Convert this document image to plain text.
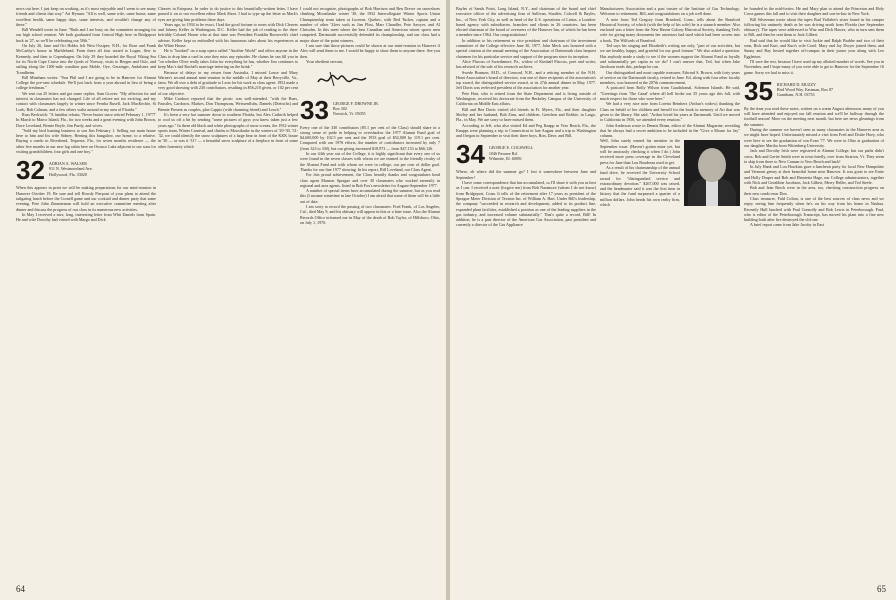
news out here. I just keep on working, as it's most enjoyable and I seem to see many friends and clients that way." Art Hyman: "All is well, same wife, same house, same excellent health, same happy days, same interests, and wouldn't change any of these."

Bill Wendell wrote in June: "Ruth and I are busy on the committee arranging for our high school reunion. We both graduated from Central High here in Bridgeport back in '27, so we'll be celebrating our 50th."

On July 26, Jane and Ort Hobbs left West Ossipee, N.H., for Rose and Frank McCarthy's house in Marblehead. From there all four taxied to Logan, flew to Kennedy, and then to Copenhagen. On July 29 they boarded the Royal Viking Sea for its North Cape Cruise into the fjords of Norway, visits to Bergen and Oslo, and sailing along the 1100-mile coastline past Molde, Oye, Gerainger, Andalsnes and Trondheim.

Bill Mineham writes: "Son Phil and I are going to be in Hanover for Alumni College the pre-sent schedule. We'll just back from a year abroad in lieu of being a college freshman."

We sent out 25 letters and got some replies. Sam Groves: "My affection for and interest in classmates has not changed. Life of all retiree not too exciting, and my contact with classmates largely in winter since Fernha Rusell, Jack MacKechie, Si Loeb, Bob Colman, and a few others waltz around in my area of Florida."

Russ Beckwith: "A familiar refrain, 'Never busier since retired February 1, 1977!' In March to Marco Island, Fla., for two weeks and a great evening with John Brown, Dave Loveland, Bernie Boyle, Jim Purdy, and wives.

"Sold my bird hunting business to son Jim February 1. Selling our main house here to him and his wife Sidney. Renting this bungalow, our home, to a relative. Buying a condo in Riverbend, Tequesta, Fla., for seven months residence — the other five months in our new log cabin here on Owasco Lake adjacent to our sons for visiting grandchildren, four girls and one boy."

32 ADRIAN A. WALSER
911 N. Westmoreland Ave.
Hollywood, Fla. 33020

When this appears in print we will be making preparations for our mini-reunion in Hanover October 19. Be sure and tell Howdy Pierpont of your plans to attend the tailgating lunch before the Cornell game and our cocktail and dinner party that same evening. Pete John Zimmerman will hold an executive committee meeting after dinner and discuss the progress of our class in its numerous new activities.

In May I received a nice, long, interesting letter from Whit Daniels from Spain. He and wife Dorothy had visited with Margo and Dick

Cleaves in Estepona. In order to do justice to this beautifully-written letter, I have passed it on to our excellent editor Mark Short. I had to type up the letter as Mark's eyes are giving him problems these days.

Years ago, in 1934 to be exact, I had the good fortune to room with Dick Cleaves and Johnny Keller in Washington, D.C. Keller had the job of reading to the then-befriddy Colonel House who at that time was President Franklin Roosevelt's chief adviser. Keller kept us enthralled with his humorous tales about his experiences at the White House.

He is "booked" on a soap opera called "Another World" and offers anyone in the Class to drop him a card in case they miss any episodes. He claims he can fill you in "on whether Olive really takes John for everything he has, whether Jim continues to keep Mac's dad Rachel's marriage teetering on the brink."

Because of delays in my return from Australia, I missed Louse and Mary Warner's second annual mini-reunion in the middle of May at their Berryville, Va., farm. We all owe a debt of gratitude to Leon for his work as class agent: 1952 made a very good showing with 230 contributors, resulting in $56,210 given, or 102 per cent of our objective.

Mike Cardozo reported that the picnic was well-attended, "with the Rues, Faustles, Cardozos, Markes, Don Thompsons, Weissenfluhs, Daniels (Dietrichs) and Bennie Present as couples, plus Cappio (with charming friend) and Leach."

It's been a very hot summer down in southern Florida, but Alex Cutbirth helped to cool us off a bit by sending "some pictures of guys you knew taken just a few years ago." In them old black and white photographs of snow scenes, the 1932 winter sports team, Winter Carnival, and climbs to Moosilauke in the winters of '29-'30, '31-'32, we could identify the snow sculptures of a large bear in front of the KKK house in '30 — or was it '31? — a beautiful snow sculpture of a fireplace in front of some other fraternity which

I could not recognize, photographs of Bob Harrison and Ben Drewe on snowshoes climbing Moosilauke winter '30, the 1932 Intercollegiate Winter Sports Union Championship team taken at Lucerne, Quebec, with Red Tucker, captain and a number of other '32ers such as Jim Flint, Marr Chandler, Pete Sawyer, and Al Chrisolm. In this meet where the best Canadian and American winter sports men competed, Dartmouth successfully defended its championship, and our class had a major share of the point winners.

I am sure that those pictures could be shown at our mini-reunion in Hanover if Alex will send them to me. I would be happy to show them to anyone there. See you then.

Your obedient servant,

33 GEORGE F. DROWNE JR.
Box 302
Norwich, Vt. 05055

Every one of the 330 contributors (85.1 per cent of the Class) should share in a strong sense of pride in helping to overshadow the 1977 Alumni Fund goal of $4,600,000 by 102.5 per cent and the 1933 goal of $52,000 by 119.1 per cent. Compared with our 1976 efforts, the number of contributors increased by only 7 (from 323 to 330), but our giving increased $18,973 — from $47,153 to $66,126.

In our 44th year out of the College, it is highly significant that every one of us were found in the seven classes with whom we are teamed in the friendly rivalry of the Alumni Fund and with whom we were in college, our per cent of dollar goal. Thanks for our fine 1977 showing. In his report, Bill Loveland, our Class Agent.

For this proud achievement, the Class heartily thanks and congratulates head class agent Manson Sprague and over 30 classmates who worked earnestly in regional and area agents, listed in Bob Fox's newsletter for August-September 1977.

A number of special items have accumulated during the summer, but as you read this (I assume sometime in late October) I am afraid that some of them will be a little out of date.

I am sorry to record the passing of two classmates: Fred Frank, of Los Angeles, Cal., died May 9, and his obituary will appear in this or a later issue. Also the Alumni Records Office informed me in May of the death of Bob Taylor, of Hillsboro, Ohio, on July 1, 1976.

64

Bayles of Sands Point, Long Island, N.Y., and chairman of the board and chief executive officer of the advertising firm of Sullivan, Stauffer, Colwell & Bayles, Inc., of New York City, as well as head of the U.S. operations of Lintas, a London-based agency with subsidiaries, branches and clients in 26 countries, has been elected chairman of the board of overseers of the Hanover Inn, of which he has been a member since 1964. Our congratulations!

In addition to his retirement as vice president and chairman of the investment committee of the College effective June 30, 1977, John Meck was honored with a special citation at the annual meeting of the Association of Dartmouth class bequest chairmen for his particular service and support of the program since its inception.

Alice Flaccus of Swarthmore, Pa., widow of Kimball Flaccus, poet and writer, has advised of the sale of his research archives.

Swede Branson, M.D., of Concord, N.H., and a retiring member of the N.H. Heart Association's board of directors, was one of three recipients of the association's top award, the distinguished service award, at its 27th annual dinner in May, 1977. Jeff Davis was reelected president of the association for another year.

Pete Hart, who is retired from the State Department and is living outside of Washington, received his doctorate from the Berkeley Campus of the University of California on Middle East affairs.

Bill and Bea Davis visited old friends in Ft. Myers, Fla., and their daughter Shirley and her husband, Bob Zinn, and children, Gretchen and Robbie, in Largo, Fla., in May. We are sorry to have missed them.

According to Jeff, who also visited Ed and Peg Knapp in Vero Beach, Fla., the Knapps were planning a trip to Connecticut in late August and a trip to Washington and Oregon in September to visit their three boys, Ron, Dave, and Bill.

34 GEORGE E. COGSWELL
1046 Pawnee Rd.
Wilmette, Ill. 60091

Where, oh where did the summer go? I lost it somewhere between June and September!

I have some correspondence that has accumulated, so I'll share it with you as best as I can. I received a note (forgive me) from Bob Naramore (whom I do not know) from Bridgeport, Conn. It tells of the retirement after 17 years as president of the Sprague Meter Division of Textron Inc. of William A. Hart. Under Bill's leadership, the company "succeeded in research and development, added to its product line, expanded plant facilities, established a position as one of the leading suppliers in the gas industry, and increased volume substantially." That's quite a record, Bill! In addition, he is a past director of the American Gas Association, past president and currently a director of the Gas Appliance

Manufacturers Association and a past trustee of the Institute of Gas Technology. Welcome to retirement, Bill, and congratulations on a job well done.

A note from Ted Gregory from Branford, Conn., tells about the Branford Historical Society, of which (with the help of his wife) he is a staunch member. Also enclosed was a letter from the New Haven Colony Historical Society, thanking Ted's wife for giving many documents her ancestors had used which had been woven into a book, The Wilfords of Branford.

Ted says his singing and Elizabeth's writing are only, "part of our activities, but we are healthy, happy, and grateful for our good fortune." We also asked a question: Has anybody made a study to see if the women support the Alumni Fund as loyally and substantially per capita as we do? I can't answer that, Ted, but when Jake Jacobson reads this, perhaps he can.

Our distinguished and most capable treasurer, Edward S. Brown, with forty years of service on the Dartmouth faculty, retired in June. Ed, along with four other faculty members, was honored at the 207th commencement.

A postcard from Rolly Wilson from Guadalcanal, Solomon Islands. He said, "Greetings from 'The Canal' where all hell broke out 35 years ago this fall, with much respect for those who were here."

We had a very nice note from Loretta Reinherz (Arthur's widow) thanking the Class on behalf of her children and herself for the book in memory of Art that was given to the library. She said, "Arthur loved his years at Dartmouth. Until we moved to California in 1956, we attended every reunion."

John Anderson wrote to Dennis Dinan, editor of the Alumni Magazine, revealing that he always had a secret ambition to be included in the "Give a Mouse for Jay" column.

Well, John surely earned his mention in the September issue. (Haven't gotten mine yet, but will be anxiously checking it when I do.) John received more press coverage in the Cleveland press for Jane than Lou Boudreau used to get.

As a result of his chairmanship of the annual fund drive, he received the University School award for "distinguished service and extraordinary devotion." $267,000 was raised, and the headmaster said it was the first time in history that the fund surpassed a quarter of a million dollars. John heads his own realty firm, which

he founded in the mid-forties. He and Mary plan to attend the Princeton and Holy Cross games this fall and to visit their daughter and son-in-law in New York.

Bill Silverman wrote about the tapes Bud Yaffalee's sister found in his camper following his untimely death as he was driving north from Florida (see September obituary). The tapes were addressed to Wuz and Dick Hawes, who in turn sent them to Bill, and then he sent them to Jack Gilbert.

Bud said that he would like to visit Jackie and Ralph Brabbe and two of their sons, Rick and Kurt, and Kurt's wife Carol. Mary and Joy Dwyer joined them, and Sunny and Ray hosted together off-campus in their junior year along with Leo Eggleston.

I'll save the rest, because I have used up my allotted number of words. See you in November, and I hope many of you were able to get to Hanover for the September 16 game. Sorry we had to miss it.

35 RICHARD D. MUZZY
Bird Wood Way, Eastman, Box 87
Grantham, N.H. 03753

By the time you read these notes, written on a warm August afternoon, many of you will have attended and enjoyed our fall reunion and we'll be halfway through the football season! More on the meeting next month, but here are news gleanings from the summer.

During the summer we haven't seen as many classmates in the Hanover area as we might have hoped. Unfortunately missed a visit from Fred and Dottie Hoey, who were here to see the graduation of son Evan '77. We were in Ohio at graduation of our daughter Martha from Wittenberg University.

Jack and Dorothy Irish were registered at Alumni College, but our paths didn't cross. Bob and Gertie Smith were in town briefly, over from Stratton, Vt. They seem to skip from there to New Canaan to Vero Beach and back!

In July Hank and Lou Hawkins gave a luncheon party for local New Hampshire and Vermont gentry at their beautiful home near Hanover. It was great to see Ernie and Holly Draper and Bob and Henrietta Hage, our College administrators, together with Nick and Geraldine Jacobson, Jack Gilbert, Merry Heller, and Ted Steele.

Bob and Jean Brock were in the area, too, checking construction progress on their new condo near Don.

Class treasurer, Fuld Colton, is one of the best sources of class news and we enjoy seeing him frequently when he's on his way from his home in Nashua. Recently Hull lunched with Paul Connolly and Bob Lewis in Peterborough. Paul, who is editor of the Peterborough Transcript, has moved his plant into a fine new building built after fire destroyed the old one.

A brief report came from Jake Jacoby in East

65
